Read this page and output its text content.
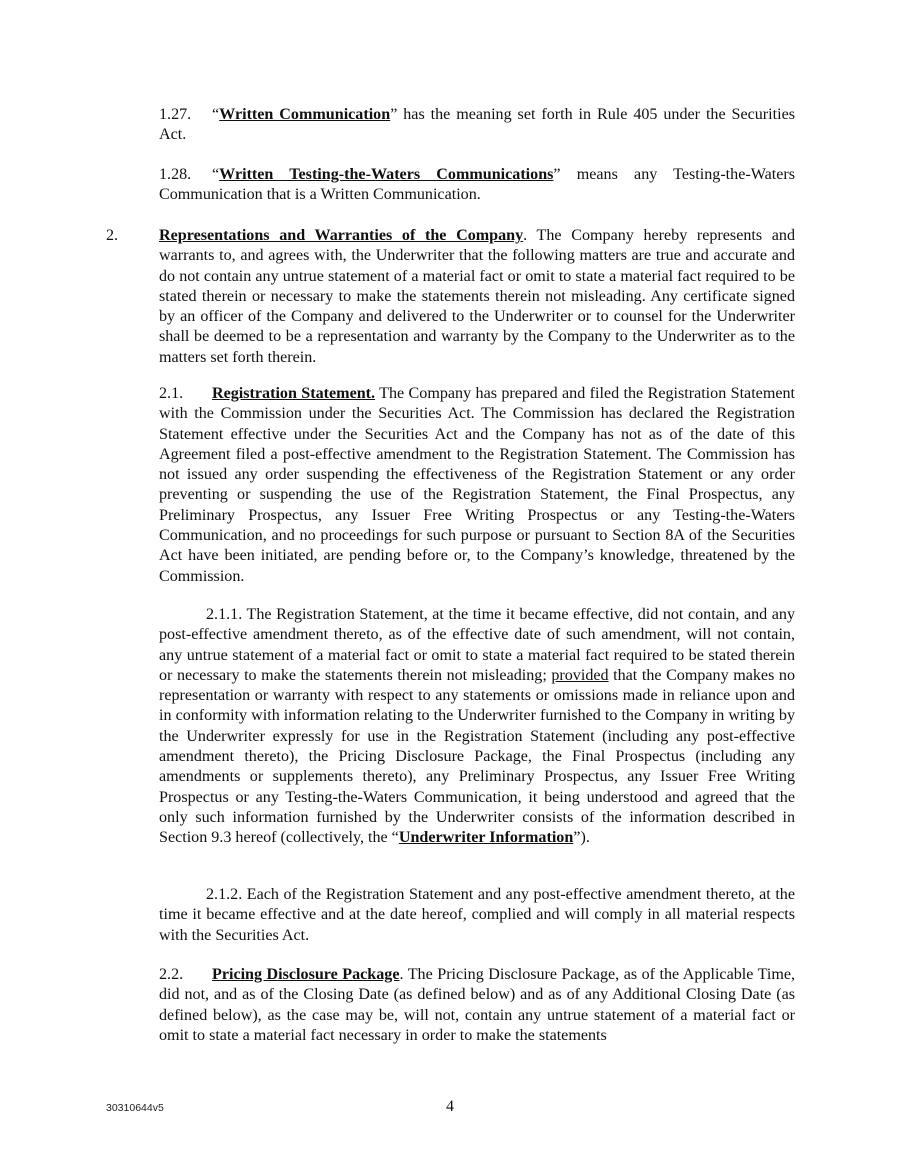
1.27. “Written Communication” has the meaning set forth in Rule 405 under the Securities Act.

1.28. “Written Testing-the-Waters Communications” means any Testing-the-Waters Communication that is a Written Communication.

2.	Representations and Warranties of the Company. The Company hereby represents and warrants to, and agrees with, the Underwriter that the following matters are true and accurate and do not contain any untrue statement of a material fact or omit to state a material fact required to be stated therein or necessary to make the statements therein not misleading. Any certificate signed by an officer of the Company and delivered to the Underwriter or to counsel for the Underwriter shall be deemed to be a representation and warranty by the Company to the Underwriter as to the matters set forth therein.

2.1. Registration Statement. The Company has prepared and filed the Registration Statement with the Commission under the Securities Act. The Commission has declared the Registration Statement effective under the Securities Act and the Company has not as of the date of this Agreement filed a post-effective amendment to the Registration Statement. The Commission has not issued any order suspending the effectiveness of the Registration Statement or any order preventing or suspending the use of the Registration Statement, the Final Prospectus, any Preliminary Prospectus, any Issuer Free Writing Prospectus or any Testing-the-Waters Communication, and no proceedings for such purpose or pursuant to Section 8A of the Securities Act have been initiated, are pending before or, to the Company’s knowledge, threatened by the Commission.

2.1.1. The Registration Statement, at the time it became effective, did not contain, and any post-effective amendment thereto, as of the effective date of such amendment, will not contain, any untrue statement of a material fact or omit to state a material fact required to be stated therein or necessary to make the statements therein not misleading; provided that the Company makes no representation or warranty with respect to any statements or omissions made in reliance upon and in conformity with information relating to the Underwriter furnished to the Company in writing by the Underwriter expressly for use in the Registration Statement (including any post-effective amendment thereto), the Pricing Disclosure Package, the Final Prospectus (including any amendments or supplements thereto), any Preliminary Prospectus, any Issuer Free Writing Prospectus or any Testing-the-Waters Communication, it being understood and agreed that the only such information furnished by the Underwriter consists of the information described in Section 9.3 hereof (collectively, the “Underwriter Information”).

2.1.2. Each of the Registration Statement and any post-effective amendment thereto, at the time it became effective and at the date hereof, complied and will comply in all material respects with the Securities Act.

2.2. Pricing Disclosure Package. The Pricing Disclosure Package, as of the Applicable Time, did not, and as of the Closing Date (as defined below) and as of any Additional Closing Date (as defined below), as the case may be, will not, contain any untrue statement of a material fact or omit to state a material fact necessary in order to make the statements

30310644v5	4
